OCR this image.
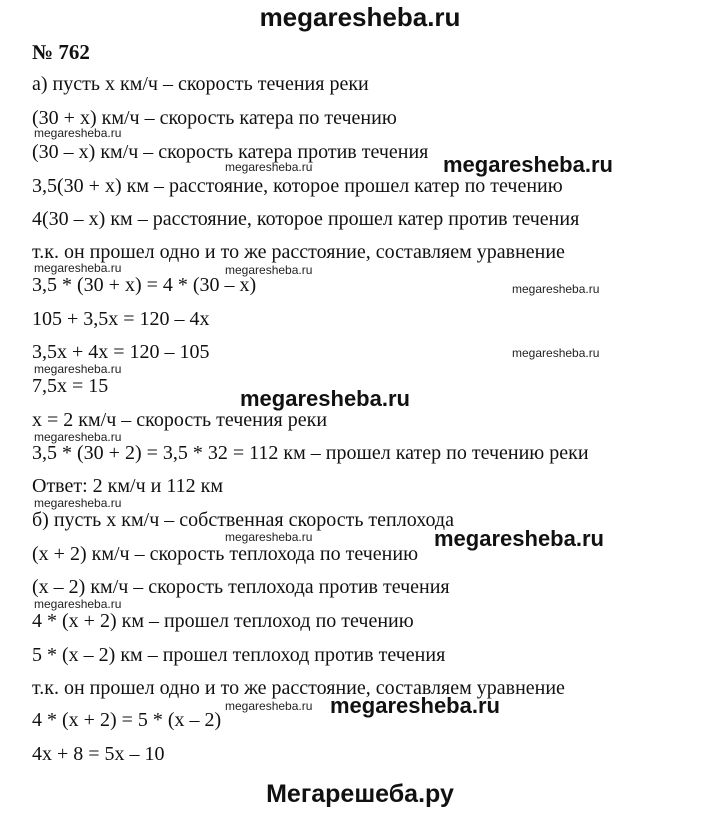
megaresheba.ru
№ 762
а) пусть х км/ч – скорость течения реки
(30 + х) км/ч – скорость катера по течению
(30 – х) км/ч – скорость катера против течения
3,5(30 + х) км – расстояние, которое прошел катер по течению
4(30 – х) км – расстояние, которое прошел катер против течения
т.к. он прошел одно и то же расстояние, составляем уравнение
3,5 * (30 + х) = 4 * (30 – х)
105 + 3,5х = 120 – 4х
3,5х + 4х = 120 – 105
7,5х = 15
х = 2 км/ч – скорость течения реки
3,5 * (30 + 2) = 3,5 * 32 = 112 км – прошел катер по течению реки
Ответ: 2 км/ч и 112 км
б) пусть х км/ч – собственная скорость теплохода
(х + 2) км/ч – скорость теплохода по течению
(х – 2) км/ч – скорость теплохода против течения
4 * (х + 2) км – прошел теплоход по течению
5 * (х – 2) км – прошел теплоход против течения
т.к. он прошел одно и то же расстояние, составляем уравнение
4 * (х + 2) = 5 * (х – 2)
4х + 8 = 5х – 10
megaresheba.ru
megaresheba.ru
megaresheba.ru	megaresheba.ru
megaresheba.ru
megaresheba.ru
megaresheba.ru
megaresheba.ru
megaresheba.ru
megaresheba.ru
megaresheba.ru
megaresheba.ru
megaresheba.ru
megaresheba.ru
megaresheba.ru
megaresheba.ru
Мегарешеба.ру
